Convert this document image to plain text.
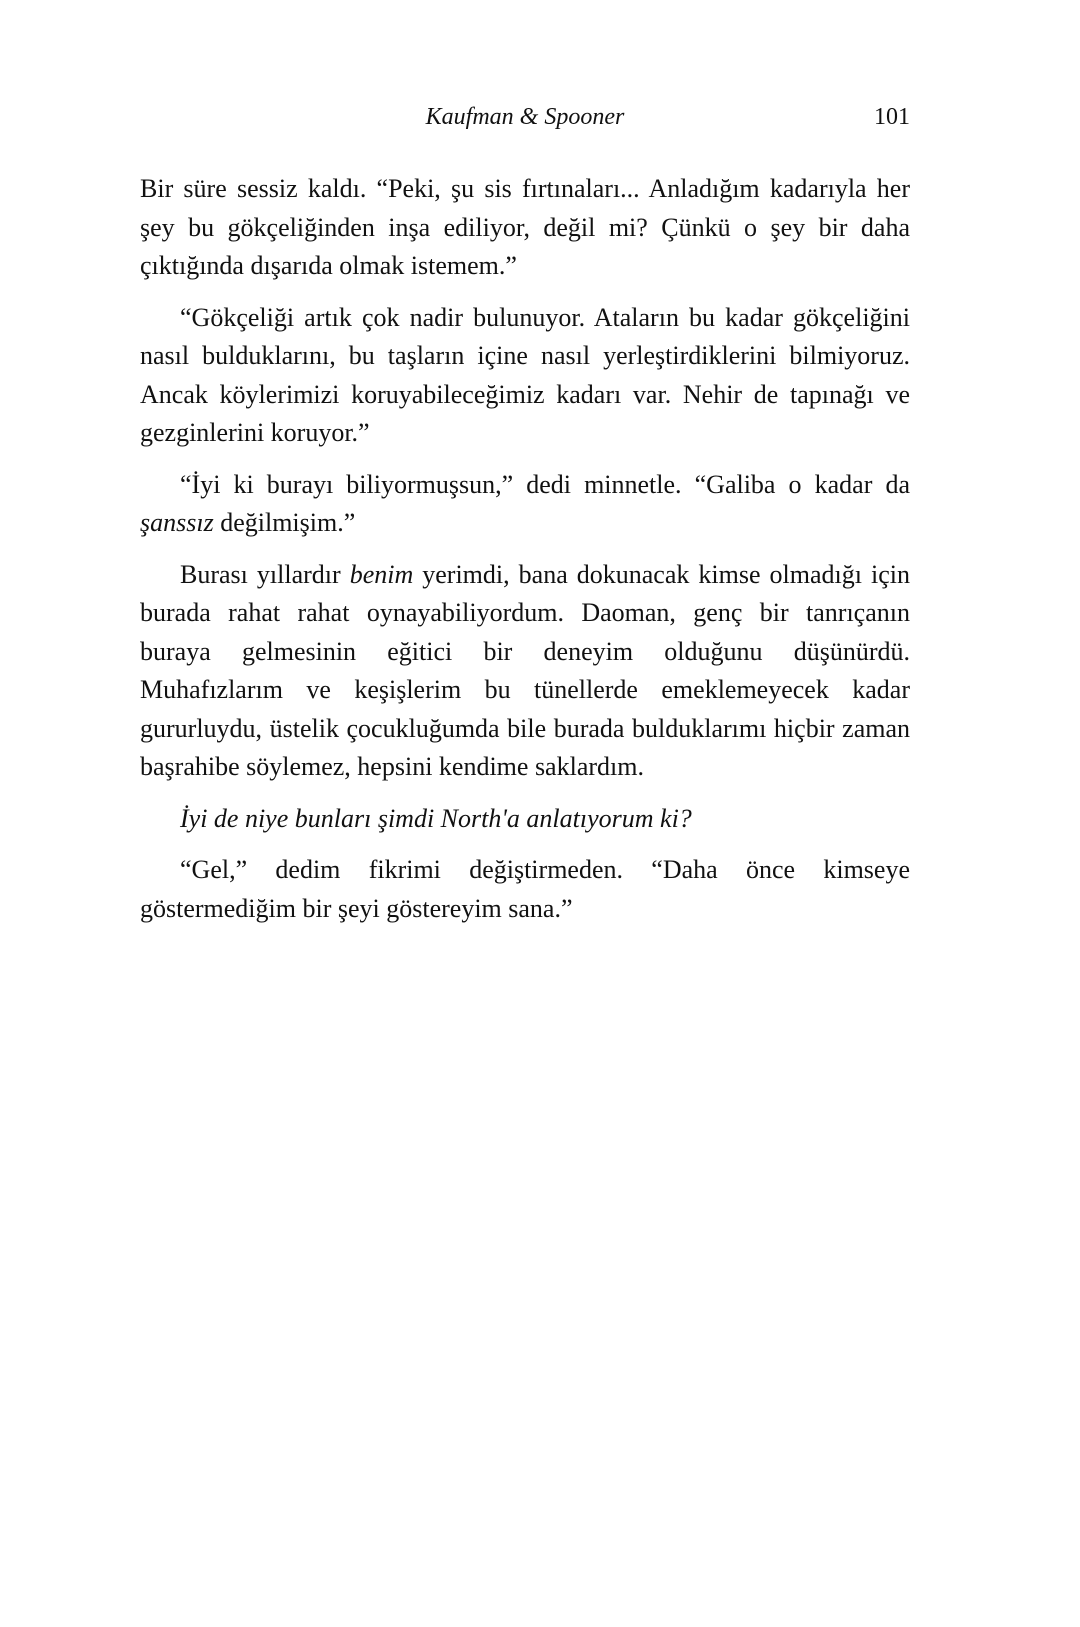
Kaufman & Spooner	101

Bir süre sessiz kaldı. “Peki, şu sis fırtınaları... Anladığım kadarıyla her şey bu gökçeliğinden inşa ediliyor, değil mi? Çünkü o şey bir daha çıktığında dışarıda olmak istemem.”

“Gökçeliği artık çok nadir bulunuyor. Ataların bu kadar gökçeliğini nasıl bulduklarını, bu taşların içine nasıl yerleştirdiklerini bilmiyoruz. Ancak köylerimizi koruyabileceğimiz kadarı var. Nehir de tapınağı ve gezginlerini koruyor.”

“İyi ki burayı biliyormuşsun,” dedi minnetle. “Galiba o kadar da şanssız değilmişim.”

Burası yıllardır benim yerimdi, bana dokunacak kimse olmadığı için burada rahat rahat oynayabiliyordum. Daoman, genç bir tanrıçanın buraya gelmesinin eğitici bir deneyim olduğunu düşünürdü. Muhafızlarım ve keşişlerim bu tünellerde emeklemeyecek kadar gururluydu, üstelik çocukluğumda bile burada bulduklarımı hiçbir zaman başrahibe söylemez, hepsini kendime saklardım.

İyi de niye bunları şimdi North'a anlatıyorum ki?

“Gel,” dedim fikrimi değiştirmeden. “Daha önce kimseye göstermediğim bir şeyi göstereyim sana.”
